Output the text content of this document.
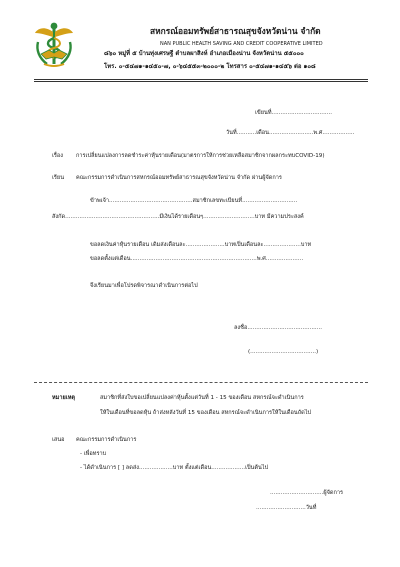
สหกรณ์ออมทรัพย์สาธารณสุขจังหวัดน่าน จำกัด
NAN PUBLIC HEALTH SAVING AND CREDIT COOPERATIVE LIMITED
๘๖๐ หมู่ที่ ๕ บ้านทุ่งเศรษฐี ตำบลผาสิงห์ อำเภอเมืองน่าน จังหวัดน่าน ๕๕๐๐๐
โทร. ๐-๕๔๗๑-๑๔๕๐-๗, ๐-๖๔๕๕๓-๒๐๐๐-๒ โทรสาร ๐-๕๔๗๑-๑๔๕๖ ต่อ ๑๐๘
เขียนที่..................................
วันที่...........เดือน.........................พ.ศ..................
เรื่อง การเปลี่ยนแปลงการลดชำระค่าหุ้นรายเดือน(มาตรการให้การช่วยเหลือสมาชิกจากผลกระทบCOVID-19)
เรียน คณะกรรมการดำเนินการสหกรณ์ออมทรัพย์สาธารณสุขจังหวัดน่าน จำกัด ผ่านผู้จัดการ
ข้าพเจ้า...............................................สมาชิกเลขทะเบียนที่...............................
สังกัด.....................................................มีเงินได้รายเดือนๆ.............................บาท มีความประสงค์
ขอลดเงินค่าหุ้นรายเดือน เดิมส่งเดือนละ......................บาทเป็นเดือนละ.....................บาท
ขอลดตั้งแต่เดือน.......................................................................พ.ศ.....................
จึงเรียนมาเพื่อโปรดพิจารณาดำเนินการต่อไป
ลงชื่อ..........................................
(.....................................)
หมายเหตุ	สมาชิกที่ส่งใบขอเปลี่ยนแปลงค่าหุ้นตั้งแต่วันที่ 1 - 15 ของเดือน สหกรณ์จะดำเนินการ
ให้ในเดือนที่ขอลดหุ้น ถ้าส่งหลังวันที่ 15 ของเดือน สหกรณ์จะดำเนินการให้ในเดือนถัดไป
เสนอ คณะกรรมการดำเนินการ
- เพื่อทราบ
- ได้ดำเนินการ [ ] ลดส่ง...................บาท ตั้งแต่เดือน...................เป็นต้นไป
..............................ผู้จัดการ
............................วันที่
